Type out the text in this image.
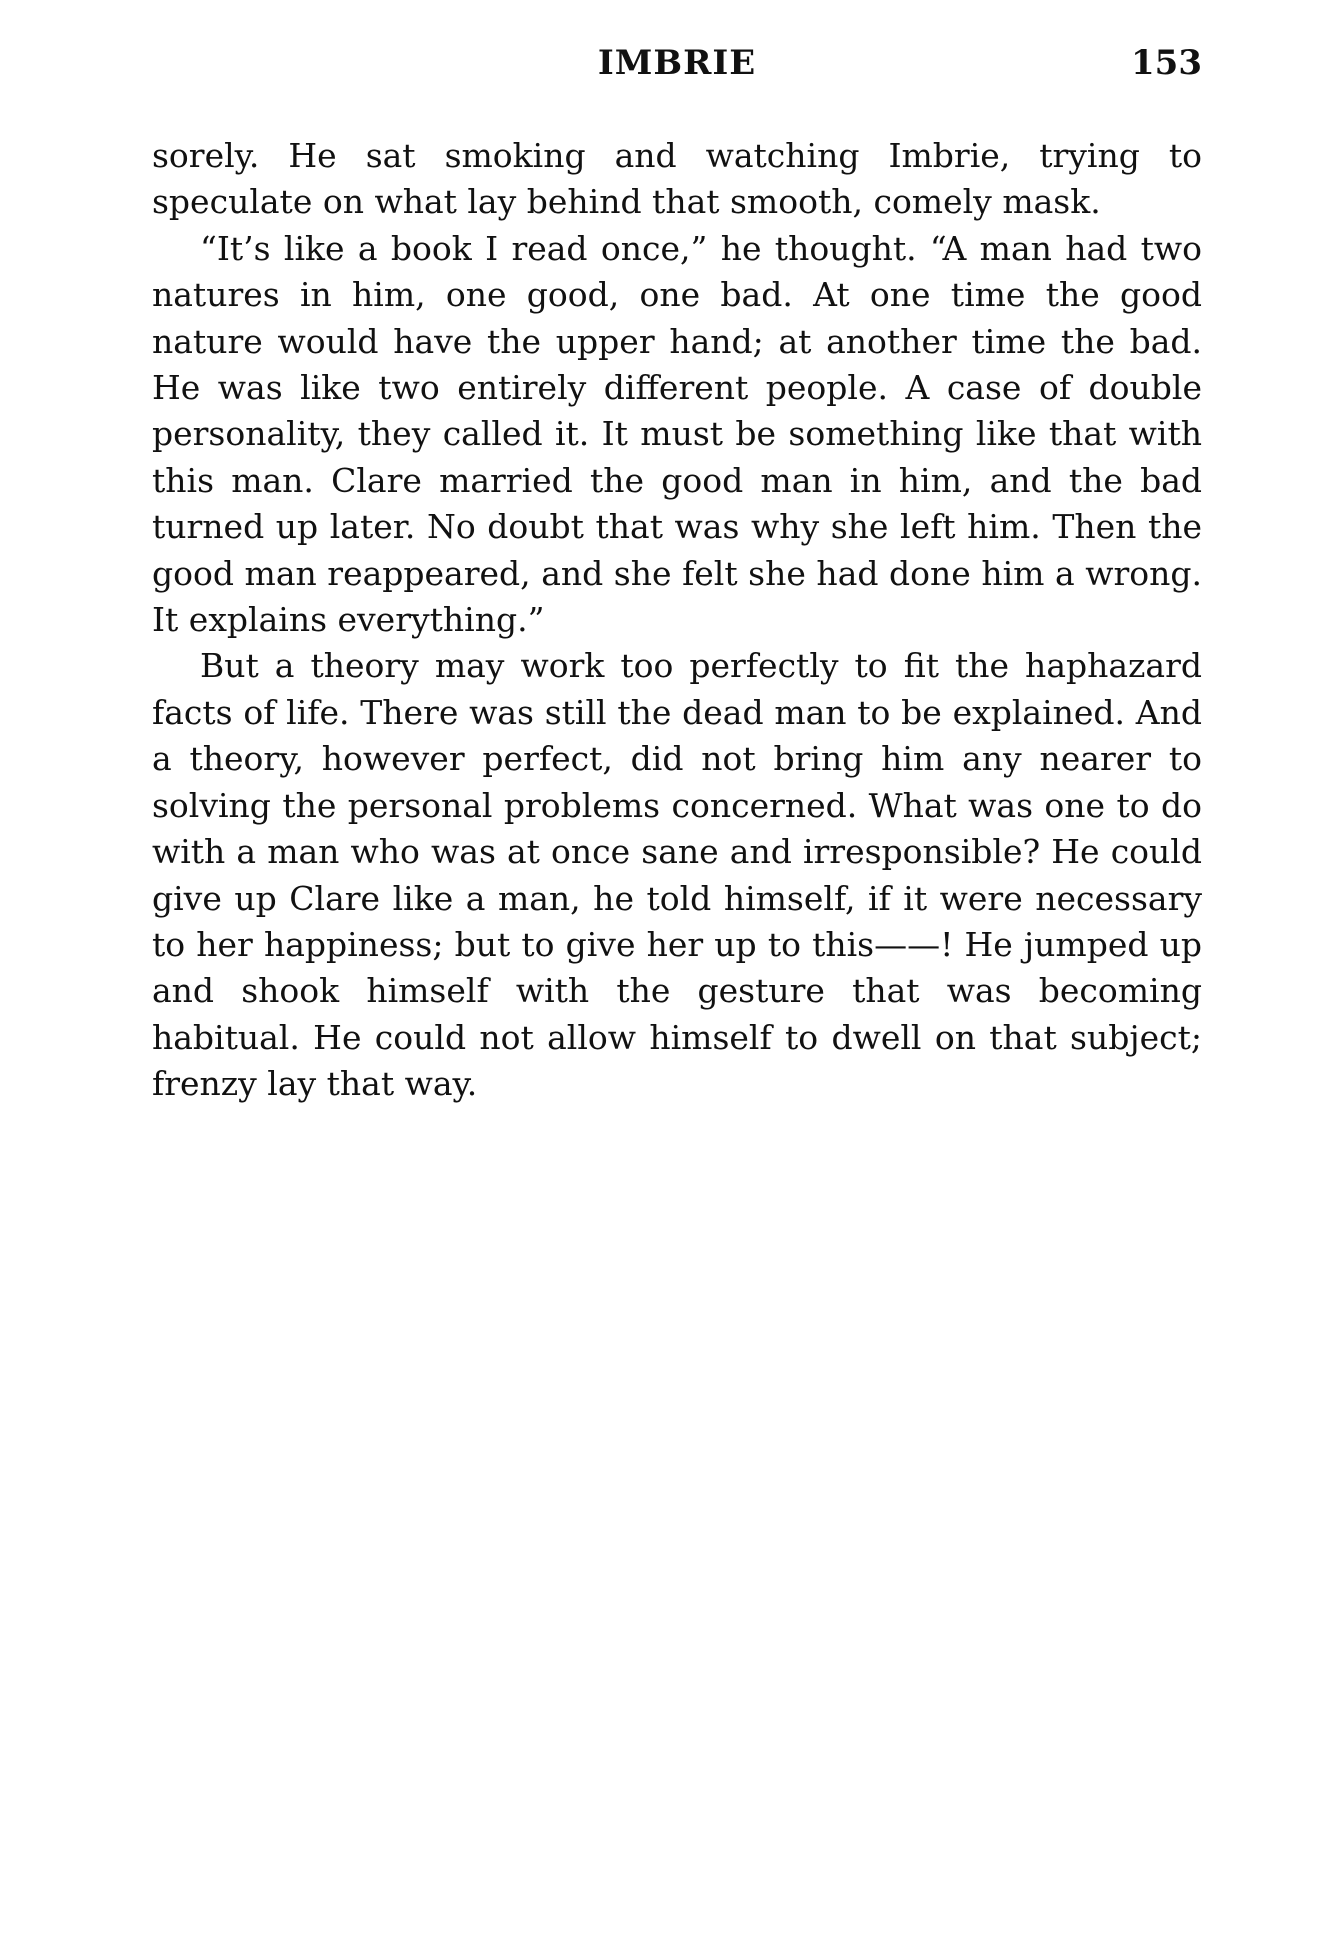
IMBRIE	153

sorely. He sat smoking and watching Imbrie, trying to speculate on what lay behind that smooth, comely mask.

“It’s like a book I read once,” he thought. “A man had two natures in him, one good, one bad. At one time the good nature would have the upper hand; at another time the bad. He was like two entirely different people. A case of double personality, they called it. It must be something like that with this man. Clare married the good man in him, and the bad turned up later. No doubt that was why she left him. Then the good man reappeared, and she felt she had done him a wrong. It explains everything.”

But a theory may work too perfectly to fit the haphazard facts of life. There was still the dead man to be explained. And a theory, however perfect, did not bring him any nearer to solving the personal problems concerned. What was one to do with a man who was at once sane and irresponsible? He could give up Clare like a man, he told himself, if it were necessary to her happiness; but to give her up to this——! He jumped up and shook himself with the gesture that was becoming habitual. He could not allow himself to dwell on that subject; frenzy lay that way.
